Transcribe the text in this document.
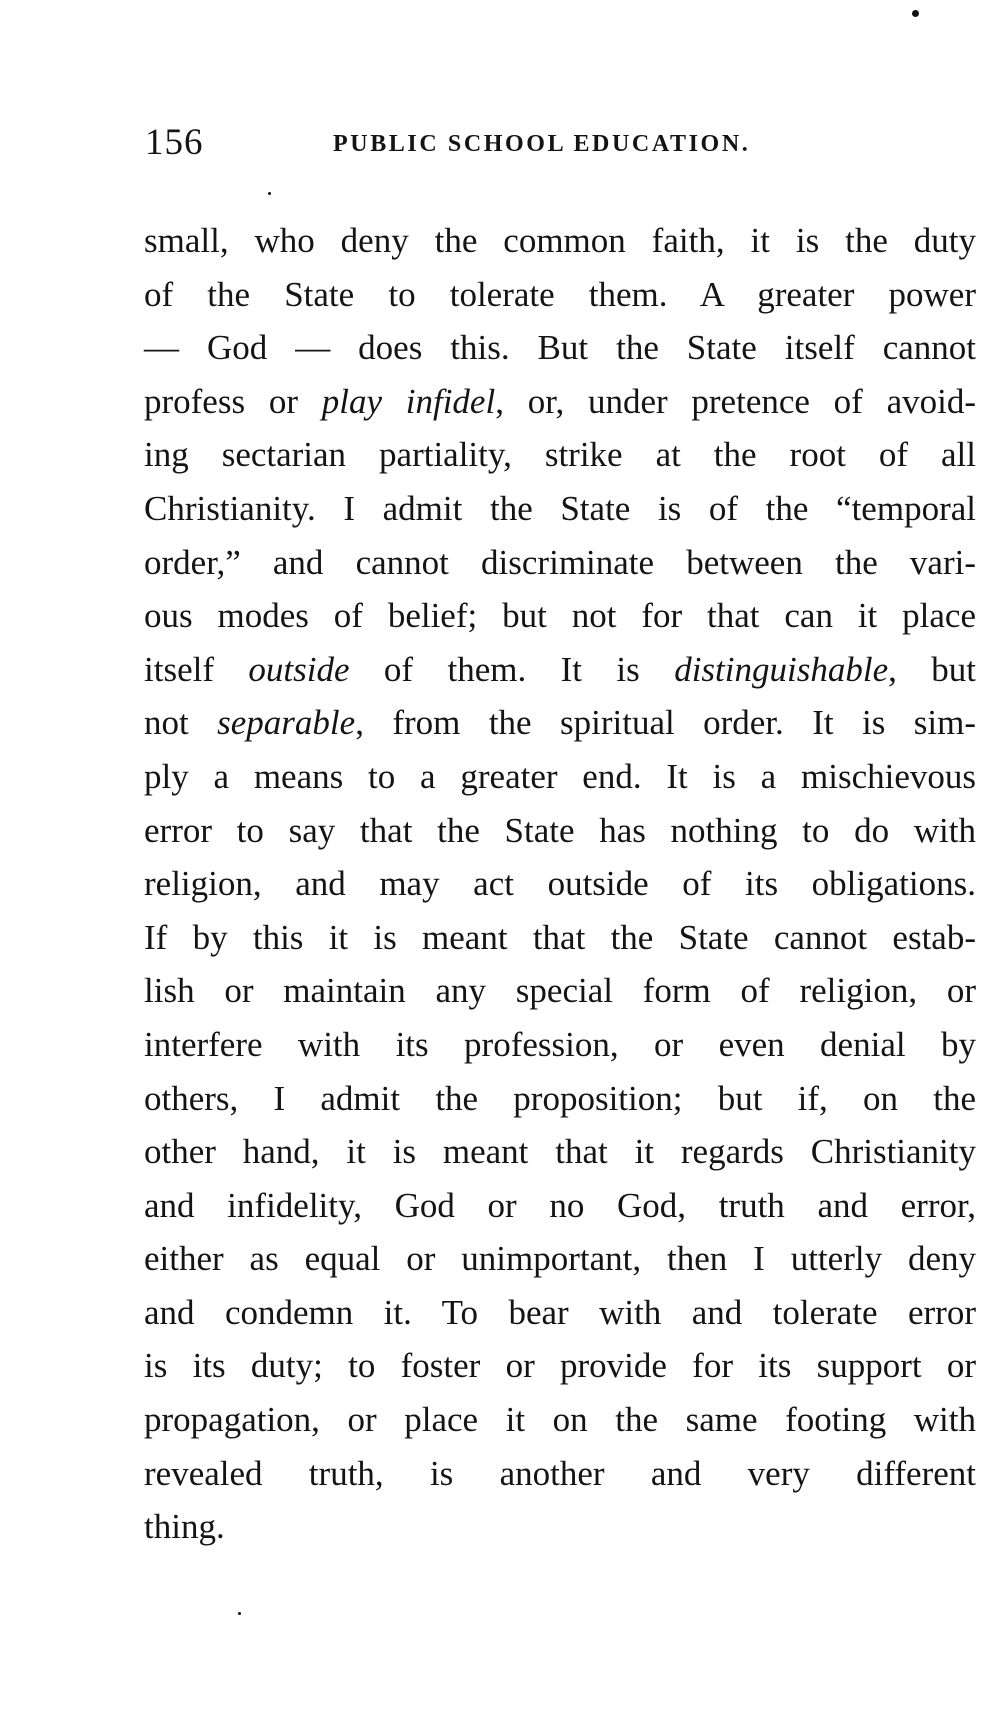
156	PUBLIC SCHOOL EDUCATION.
small, who deny the common faith, it is the duty
of the State to tolerate them. A greater power
— God — does this. But the State itself cannot
profess or play infidel, or, under pretence of avoid-
ing sectarian partiality, strike at the root of all
Christianity. I admit the State is of the “temporal
order,” and cannot discriminate between the vari-
ous modes of belief; but not for that can it place
itself outside of them. It is distinguishable, but
not separable, from the spiritual order. It is sim-
ply a means to a greater end. It is a mischievous
error to say that the State has nothing to do with
religion, and may act outside of its obligations.
If by this it is meant that the State cannot estab-
lish or maintain any special form of religion, or
interfere with its profession, or even denial by
others, I admit the proposition; but if, on the
other hand, it is meant that it regards Christianity
and infidelity, God or no God, truth and error,
either as equal or unimportant, then I utterly deny
and condemn it. To bear with and tolerate error
is its duty; to foster or provide for its support or
propagation, or place it on the same footing with
revealed truth, is another and very different
thing.
